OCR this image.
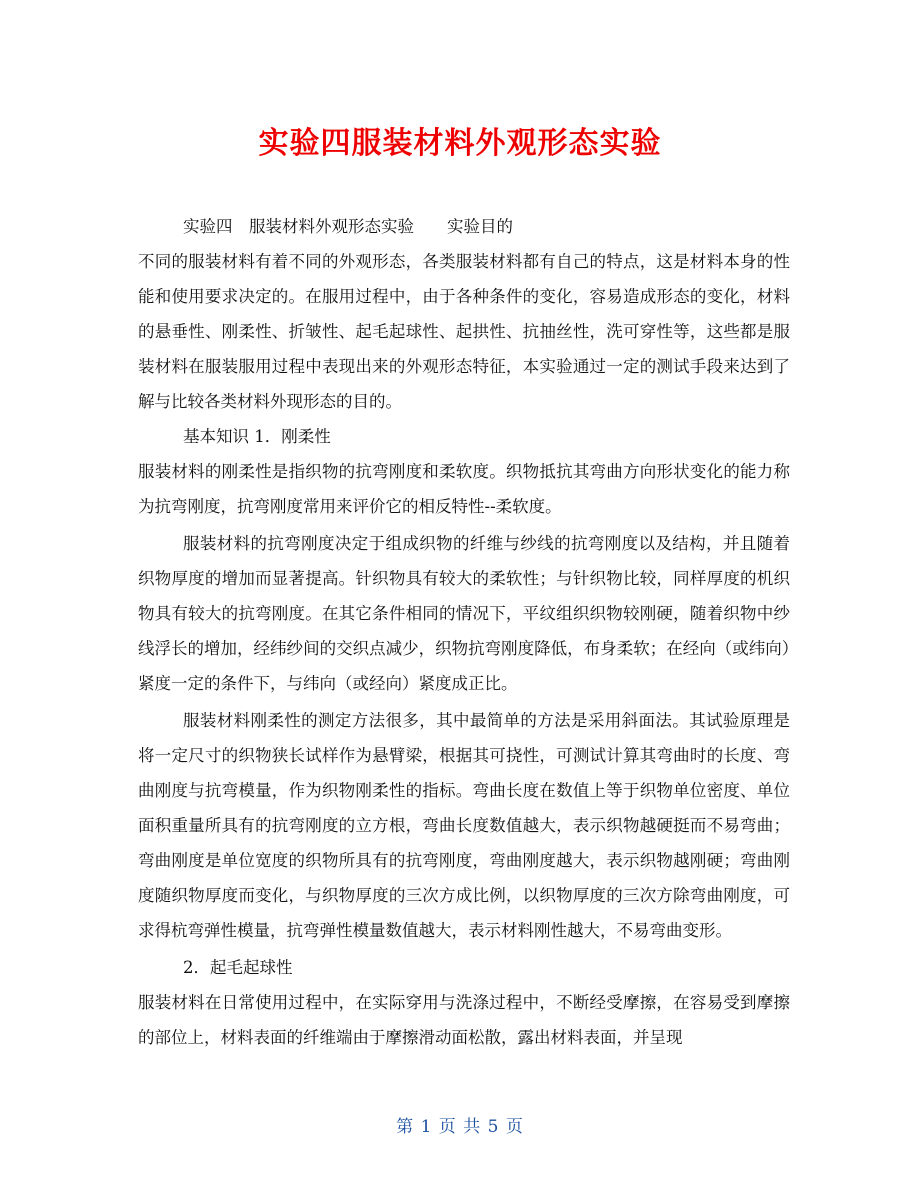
实验四服装材料外观形态实验

实验四　服装材料外观形态实验　　实验目的

不同的服装材料有着不同的外观形态，各类服装材料都有自己的特点，这是材料本身的性能和使用要求决定的。在服用过程中，由于各种条件的变化，容易造成形态的变化，材料的悬垂性、刚柔性、折皱性、起毛起球性、起拱性、抗抽丝性，洗可穿性等，这些都是服装材料在服装服用过程中表现出来的外观形态特征，本实验通过一定的测试手段来达到了解与比较各类材料外现形态的目的。

基本知识 1．刚柔性

服装材料的刚柔性是指织物的抗弯刚度和柔软度。织物抵抗其弯曲方向形状变化的能力称为抗弯刚度，抗弯刚度常用来评价它的相反特性--柔软度。

服装材料的抗弯刚度决定于组成织物的纤维与纱线的抗弯刚度以及结构，并且随着织物厚度的增加而显著提高。针织物具有较大的柔软性；与针织物比较，同样厚度的机织物具有较大的抗弯刚度。在其它条件相同的情况下，平纹组织织物较刚硬，随着织物中纱线浮长的增加，经纬纱间的交织点减少，织物抗弯刚度降低，布身柔软；在经向（或纬向）紧度一定的条件下，与纬向（或经向）紧度成正比。

服装材料刚柔性的测定方法很多，其中最简单的方法是采用斜面法。其试验原理是将一定尺寸的织物狭长试样作为悬臂梁，根据其可挠性，可测试计算其弯曲时的长度、弯曲刚度与抗弯模量，作为织物刚柔性的指标。弯曲长度在数值上等于织物单位密度、单位面积重量所具有的抗弯刚度的立方根，弯曲长度数值越大，表示织物越硬挺而不易弯曲；弯曲刚度是单位宽度的织物所具有的抗弯刚度，弯曲刚度越大，表示织物越刚硬；弯曲刚度随织物厚度而变化，与织物厚度的三次方成比例，以织物厚度的三次方除弯曲刚度，可求得杭弯弹性模量，抗弯弹性模量数值越大，表示材料刚性越大，不易弯曲变形。

2．起毛起球性

服装材料在日常使用过程中，在实际穿用与洗涤过程中，不断经受摩擦，在容易受到摩擦的部位上，材料表面的纤维端由于摩擦滑动面松散，露出材料表面，并呈现

第 1 页 共 5 页
